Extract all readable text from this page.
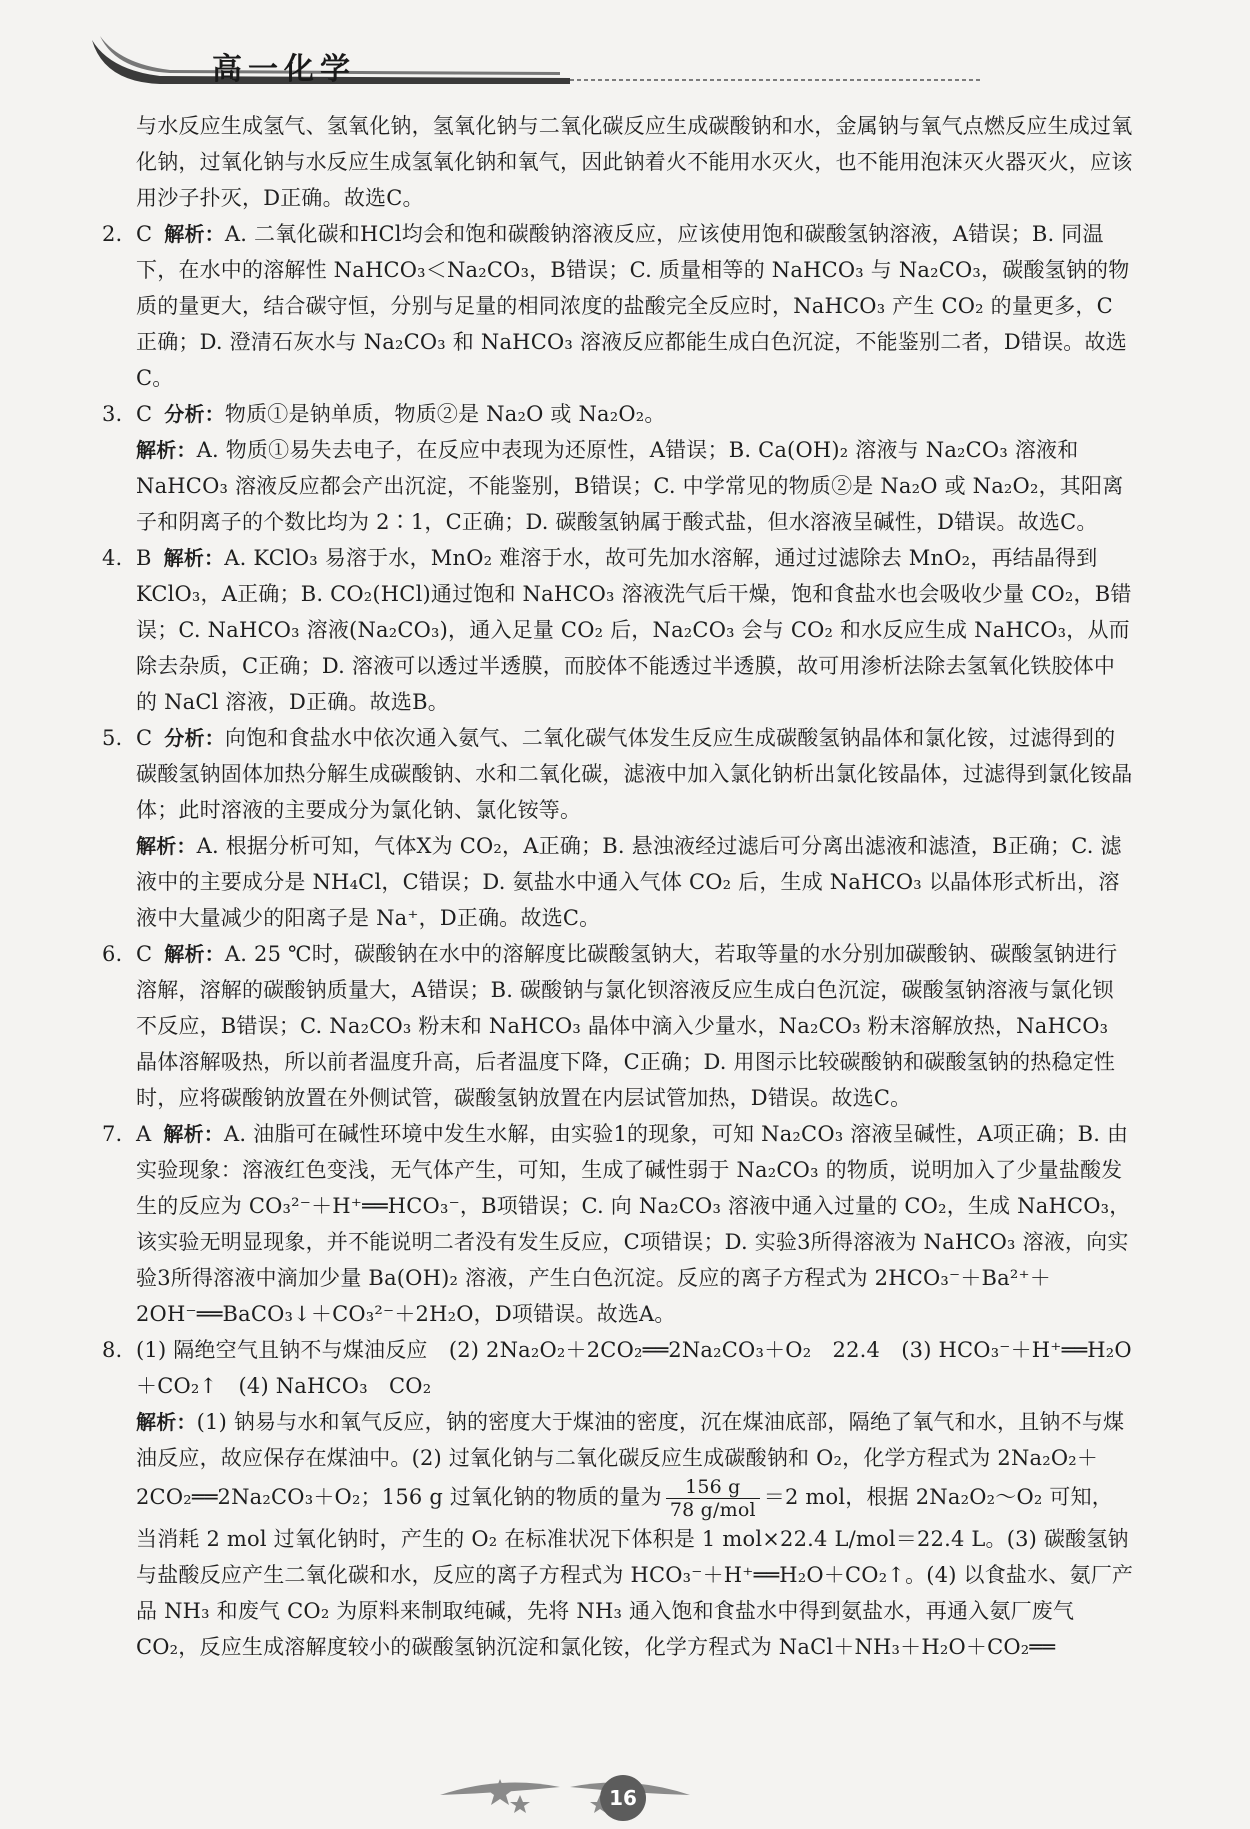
高一化学
与水反应生成氢气、氢氧化钠，氢氧化钠与二氧化碳反应生成碳酸钠和水，金属钠与氧气点燃反应生成过氧化钠，过氧化钠与水反应生成氢氧化钠和氧气，因此钠着火不能用水灭火，也不能用泡沫灭火器灭火，应该用沙子扑灭，D正确。故选C。
2. C 解析：A. 二氧化碳和HCl均会和饱和碳酸钠溶液反应，应该使用饱和碳酸氢钠溶液，A错误；B. 同温下，在水中的溶解性 NaHCO₃＜Na₂CO₃，B错误；C. 质量相等的 NaHCO₃ 与 Na₂CO₃，碳酸氢钠的物质的量更大，结合碳守恒，分别与足量的相同浓度的盐酸完全反应时，NaHCO₃ 产生 CO₂ 的量更多，C正确；D. 澄清石灰水与 Na₂CO₃ 和 NaHCO₃ 溶液反应都能生成白色沉淀，不能鉴别二者，D错误。故选C。
3. C 分析：物质①是钠单质，物质②是 Na₂O 或 Na₂O₂。
解析：A. 物质①易失去电子，在反应中表现为还原性，A错误；B. Ca(OH)₂ 溶液与 Na₂CO₃ 溶液和 NaHCO₃ 溶液反应都会产出沉淀，不能鉴别，B错误；C. 中学常见的物质②是 Na₂O 或 Na₂O₂，其阳离子和阴离子的个数比均为 2∶1，C正确；D. 碳酸氢钠属于酸式盐，但水溶液呈碱性，D错误。故选C。
4. B 解析：A. KClO₃ 易溶于水，MnO₂ 难溶于水，故可先加水溶解，通过过滤除去 MnO₂，再结晶得到 KClO₃，A正确；B. CO₂(HCl)通过饱和 NaHCO₃ 溶液洗气后干燥，饱和食盐水也会吸收少量 CO₂，B错误；C. NaHCO₃ 溶液(Na₂CO₃)，通入足量 CO₂ 后，Na₂CO₃ 会与 CO₂ 和水反应生成 NaHCO₃，从而除去杂质，C正确；D. 溶液可以透过半透膜，而胶体不能透过半透膜，故可用渗析法除去氢氧化铁胶体中的 NaCl 溶液，D正确。故选B。
5. C 分析：向饱和食盐水中依次通入氨气、二氧化碳气体发生反应生成碳酸氢钠晶体和氯化铵，过滤得到的碳酸氢钠固体加热分解生成碳酸钠、水和二氧化碳，滤液中加入氯化钠析出氯化铵晶体，过滤得到氯化铵晶体；此时溶液的主要成分为氯化钠、氯化铵等。
解析：A. 根据分析可知，气体X为 CO₂，A正确；B. 悬浊液经过滤后可分离出滤液和滤渣，B正确；C. 滤液中的主要成分是 NH₄Cl，C错误；D. 氨盐水中通入气体 CO₂ 后，生成 NaHCO₃ 以晶体形式析出，溶液中大量减少的阳离子是 Na⁺，D正确。故选C。
6. C 解析：A. 25 ℃时，碳酸钠在水中的溶解度比碳酸氢钠大，若取等量的水分别加碳酸钠、碳酸氢钠进行溶解，溶解的碳酸钠质量大，A错误；B. 碳酸钠与氯化钡溶液反应生成白色沉淀，碳酸氢钠溶液与氯化钡不反应，B错误；C. Na₂CO₃ 粉末和 NaHCO₃ 晶体中滴入少量水，Na₂CO₃ 粉末溶解放热，NaHCO₃ 晶体溶解吸热，所以前者温度升高，后者温度下降，C正确；D. 用图示比较碳酸钠和碳酸氢钠的热稳定性时，应将碳酸钠放置在外侧试管，碳酸氢钠放置在内层试管加热，D错误。故选C。
7. A 解析：A. 油脂可在碱性环境中发生水解，由实验1的现象，可知 Na₂CO₃ 溶液呈碱性，A项正确；B. 由实验现象：溶液红色变浅，无气体产生，可知，生成了碱性弱于 Na₂CO₃ 的物质，说明加入了少量盐酸发生的反应为 CO₃²⁻＋H⁺══HCO₃⁻，B项错误；C. 向 Na₂CO₃ 溶液中通入过量的 CO₂，生成 NaHCO₃，该实验无明显现象，并不能说明二者没有发生反应，C项错误；D. 实验3所得溶液为 NaHCO₃ 溶液，向实验3所得溶液中滴加少量 Ba(OH)₂ 溶液，产生白色沉淀。反应的离子方程式为 2HCO₃⁻＋Ba²⁺＋2OH⁻══BaCO₃↓＋CO₃²⁻＋2H₂O，D项错误。故选A。
8. (1) 隔绝空气且钠不与煤油反应　(2) 2Na₂O₂＋2CO₂══2Na₂CO₃＋O₂　22.4　(3) HCO₃⁻＋H⁺══H₂O＋CO₂↑　(4) NaHCO₃　CO₂
解析：(1) 钠易与水和氧气反应，钠的密度大于煤油的密度，沉在煤油底部，隔绝了氧气和水，且钠不与煤油反应，故应保存在煤油中。(2) 过氧化钠与二氧化碳反应生成碳酸钠和 O₂，化学方程式为 2Na₂O₂＋2CO₂══2Na₂CO₃＋O₂；156 g 过氧化钠的物质的量为 $\frac{156 g}{\text{78 g/mol}} =2$ mol，根据 2Na₂O₂～O₂ 可知，当消耗 2 mol 过氧化钠时，产生的 O₂ 在标准状况下体积是 1 mol×22.4 L/mol＝22.4 L。(3) 碳酸氢钠与盐酸反应产生二氧化碳和水，反应的离子方程式为 HCO₃⁻＋H⁺══H₂O＋CO₂↑。(4) 以食盐水、氨厂产品 NH₃ 和废气 CO₂ 为原料来制取纯碱，先将 NH₃ 通入饱和食盐水中得到氨盐水，再通入氨厂废气 CO₂，反应生成溶解度较小的碳酸氢钠沉淀和氯化铵，化学方程式为 NaCl＋NH₃＋H₂O＋CO₂══
16
